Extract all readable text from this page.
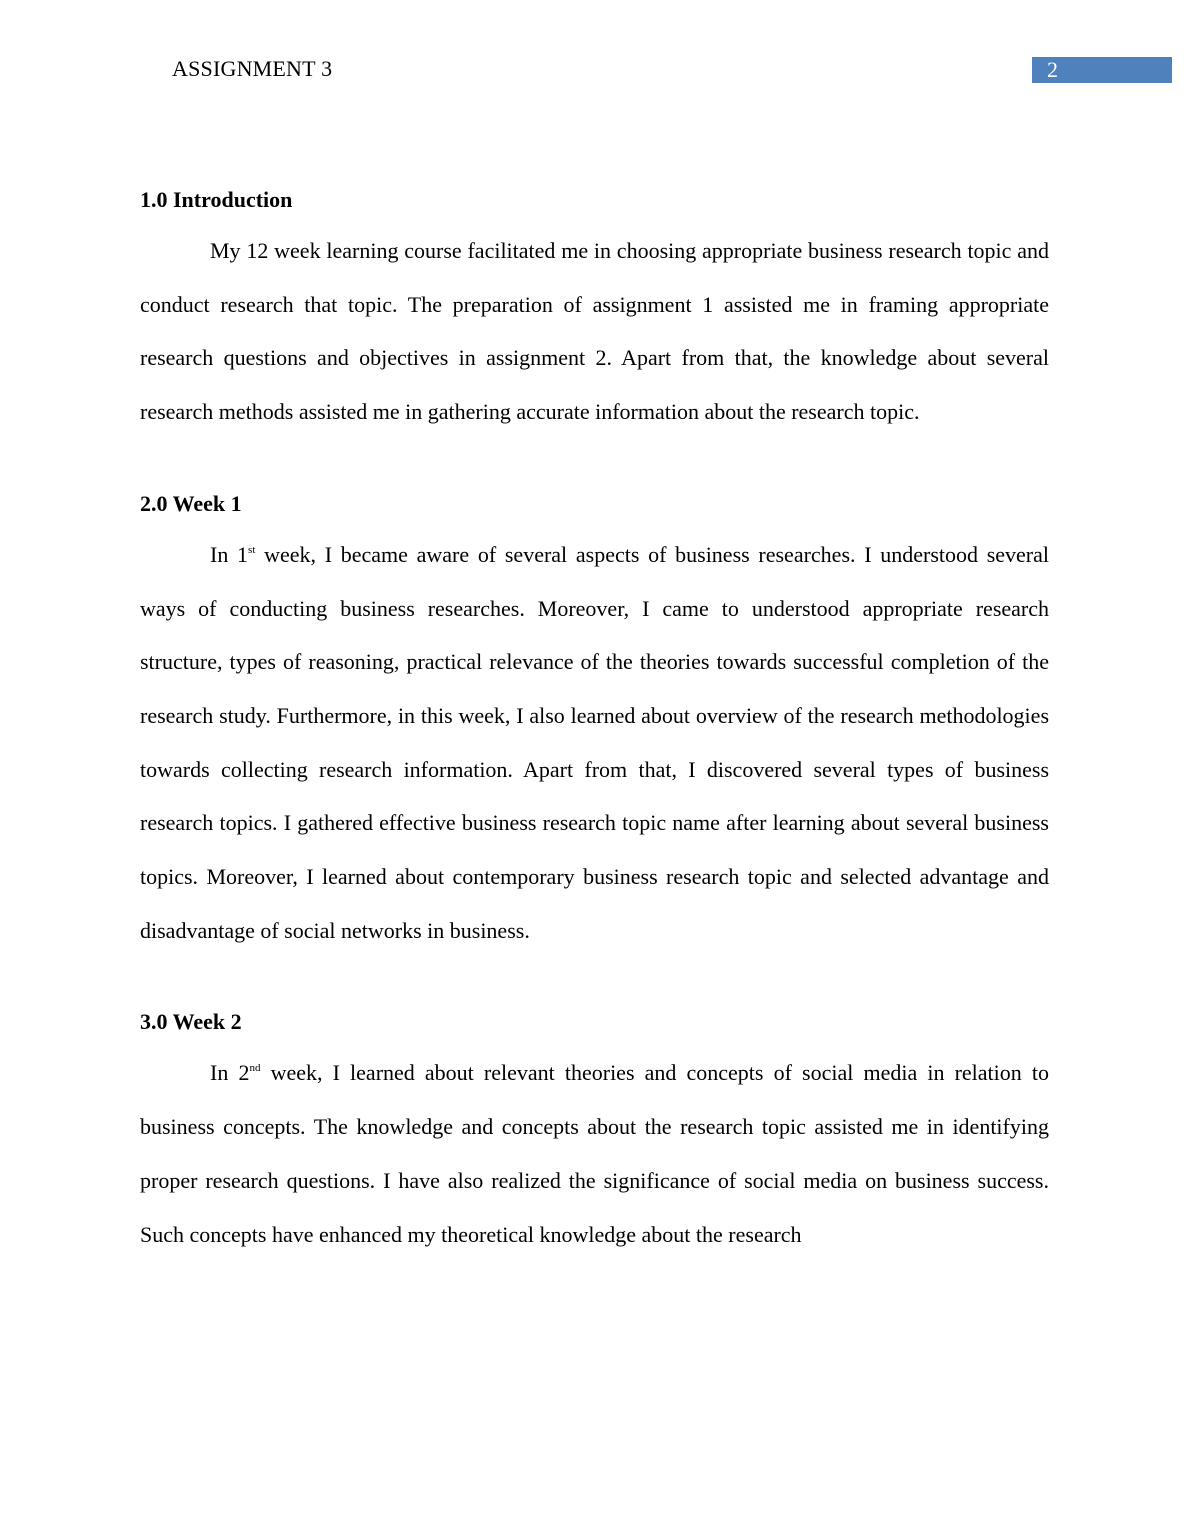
ASSIGNMENT 3	2
1.0 Introduction

My 12 week learning course facilitated me in choosing appropriate business research topic and conduct research that topic. The preparation of assignment 1 assisted me in framing appropriate research questions and objectives in assignment 2. Apart from that, the knowledge about several research methods assisted me in gathering accurate information about the research topic.

2.0 Week 1

In 1st week, I became aware of several aspects of business researches. I understood several ways of conducting business researches. Moreover, I came to understood appropriate research structure, types of reasoning, practical relevance of the theories towards successful completion of the research study. Furthermore, in this week, I also learned about overview of the research methodologies towards collecting research information. Apart from that, I discovered several types of business research topics. I gathered effective business research topic name after learning about several business topics. Moreover, I learned about contemporary business research topic and selected advantage and disadvantage of social networks in business.

3.0 Week 2

In 2nd week, I learned about relevant theories and concepts of social media in relation to business concepts. The knowledge and concepts about the research topic assisted me in identifying proper research questions. I have also realized the significance of social media on business success. Such concepts have enhanced my theoretical knowledge about the research
